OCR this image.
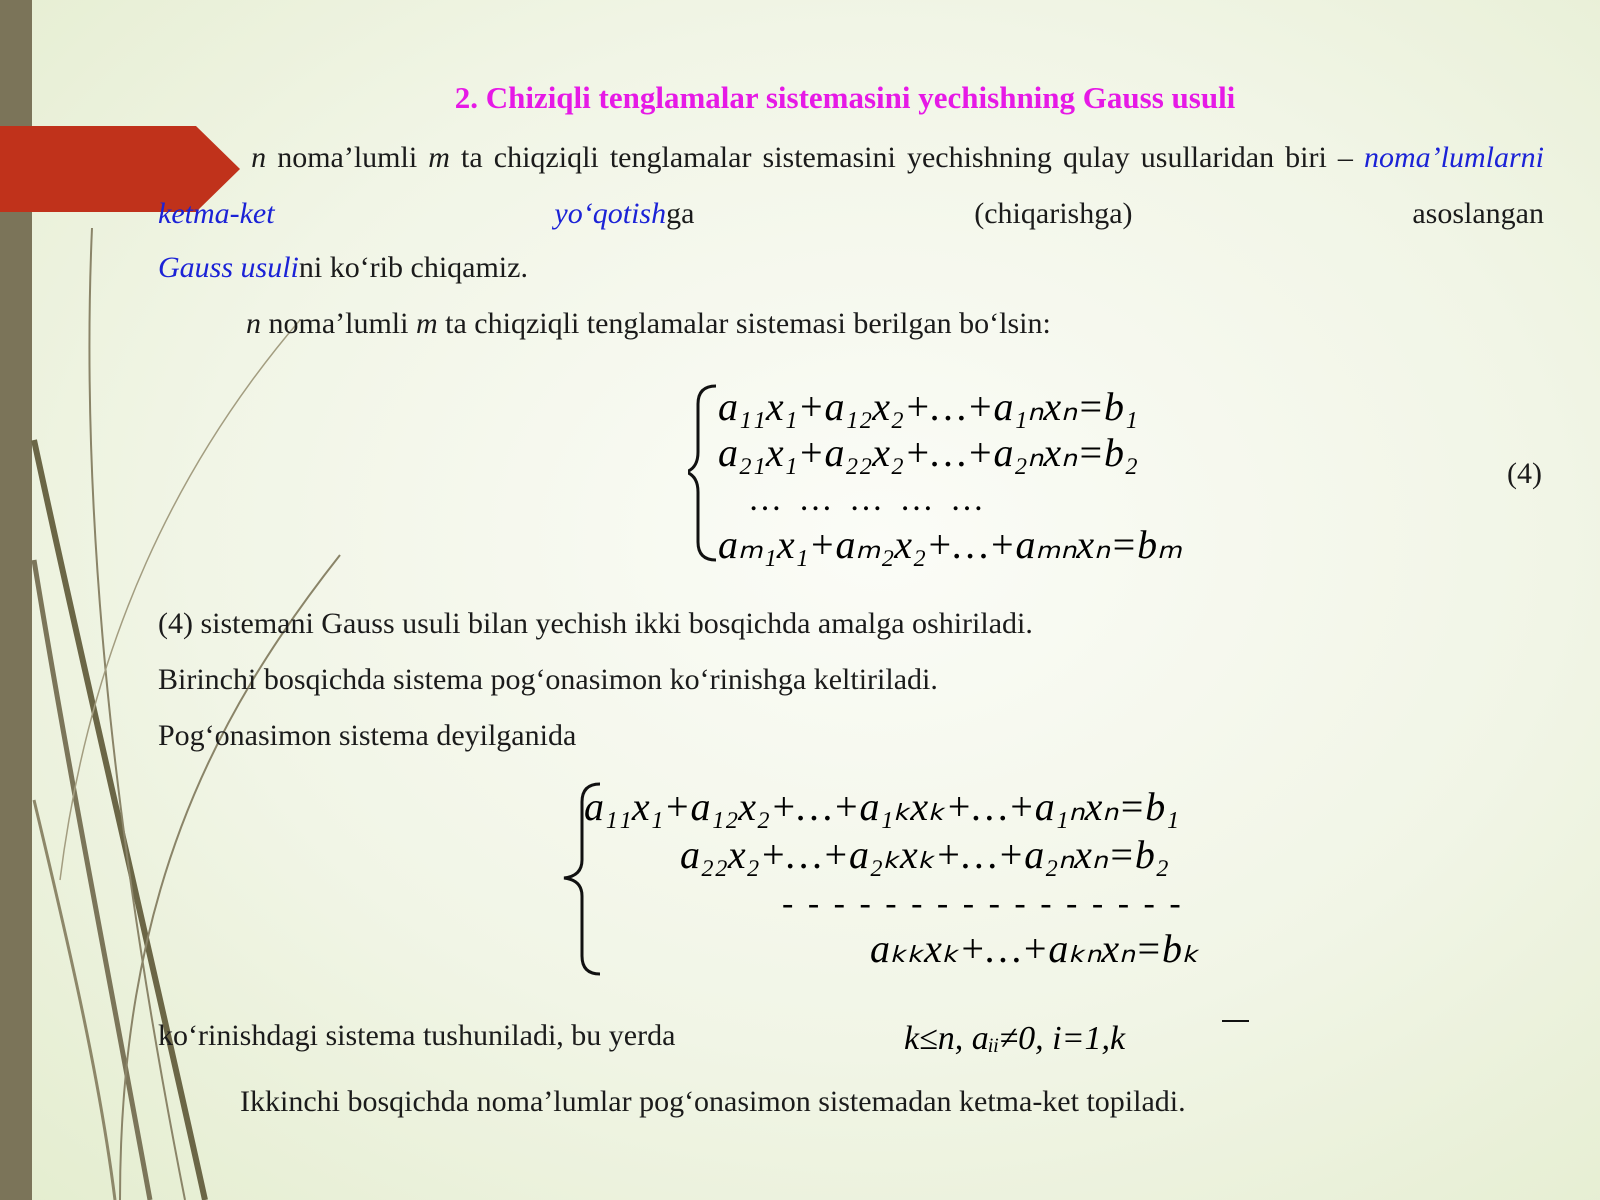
2. Chiziqli tenglamalar sistemasini yechishning Gauss usuli
n noma’lumli m ta chiqziqli tenglamalar sistemasini yechishning qulay usullaridan biri – noma’lumlarni ketma-ket yo‘qotishga (chiqarishga) asoslangan
Gauss usulini ko‘rib chiqamiz.
n noma’lumli m ta chiqziqli tenglamalar sistemasi berilgan bo‘lsin:
a₁₁x₁+a₁₂x₂+…+a₁ₙxₙ=b₁
a₂₁x₁+a₂₂x₂+…+a₂ₙxₙ=b₂
… … … … …
aₘ₁x₁+aₘ₂x₂+…+aₘₙxₙ=bₘ
(4)
(4) sistemani Gauss usuli bilan yechish ikki bosqichda amalga oshiriladi.
Birinchi bosqichda sistema pog‘onasimon ko‘rinishga keltiriladi.
Pog‘onasimon sistema deyilganida
a₁₁x₁+a₁₂x₂+…+a₁ₖxₖ+…+a₁ₙxₙ=b₁
a₂₂x₂+…+a₂ₖxₖ+…+a₂ₙxₙ=b₂
- - - - - - - - - - - - - - - -
aₖₖxₖ+…+aₖₙxₙ=bₖ
ko‘rinishdagi sistema tushuniladi, bu yerda	k≤n, aᵢᵢ≠0, i=1,k
Ikkinchi bosqichda noma’lumlar pog‘onasimon sistemadan ketma-ket topiladi.
